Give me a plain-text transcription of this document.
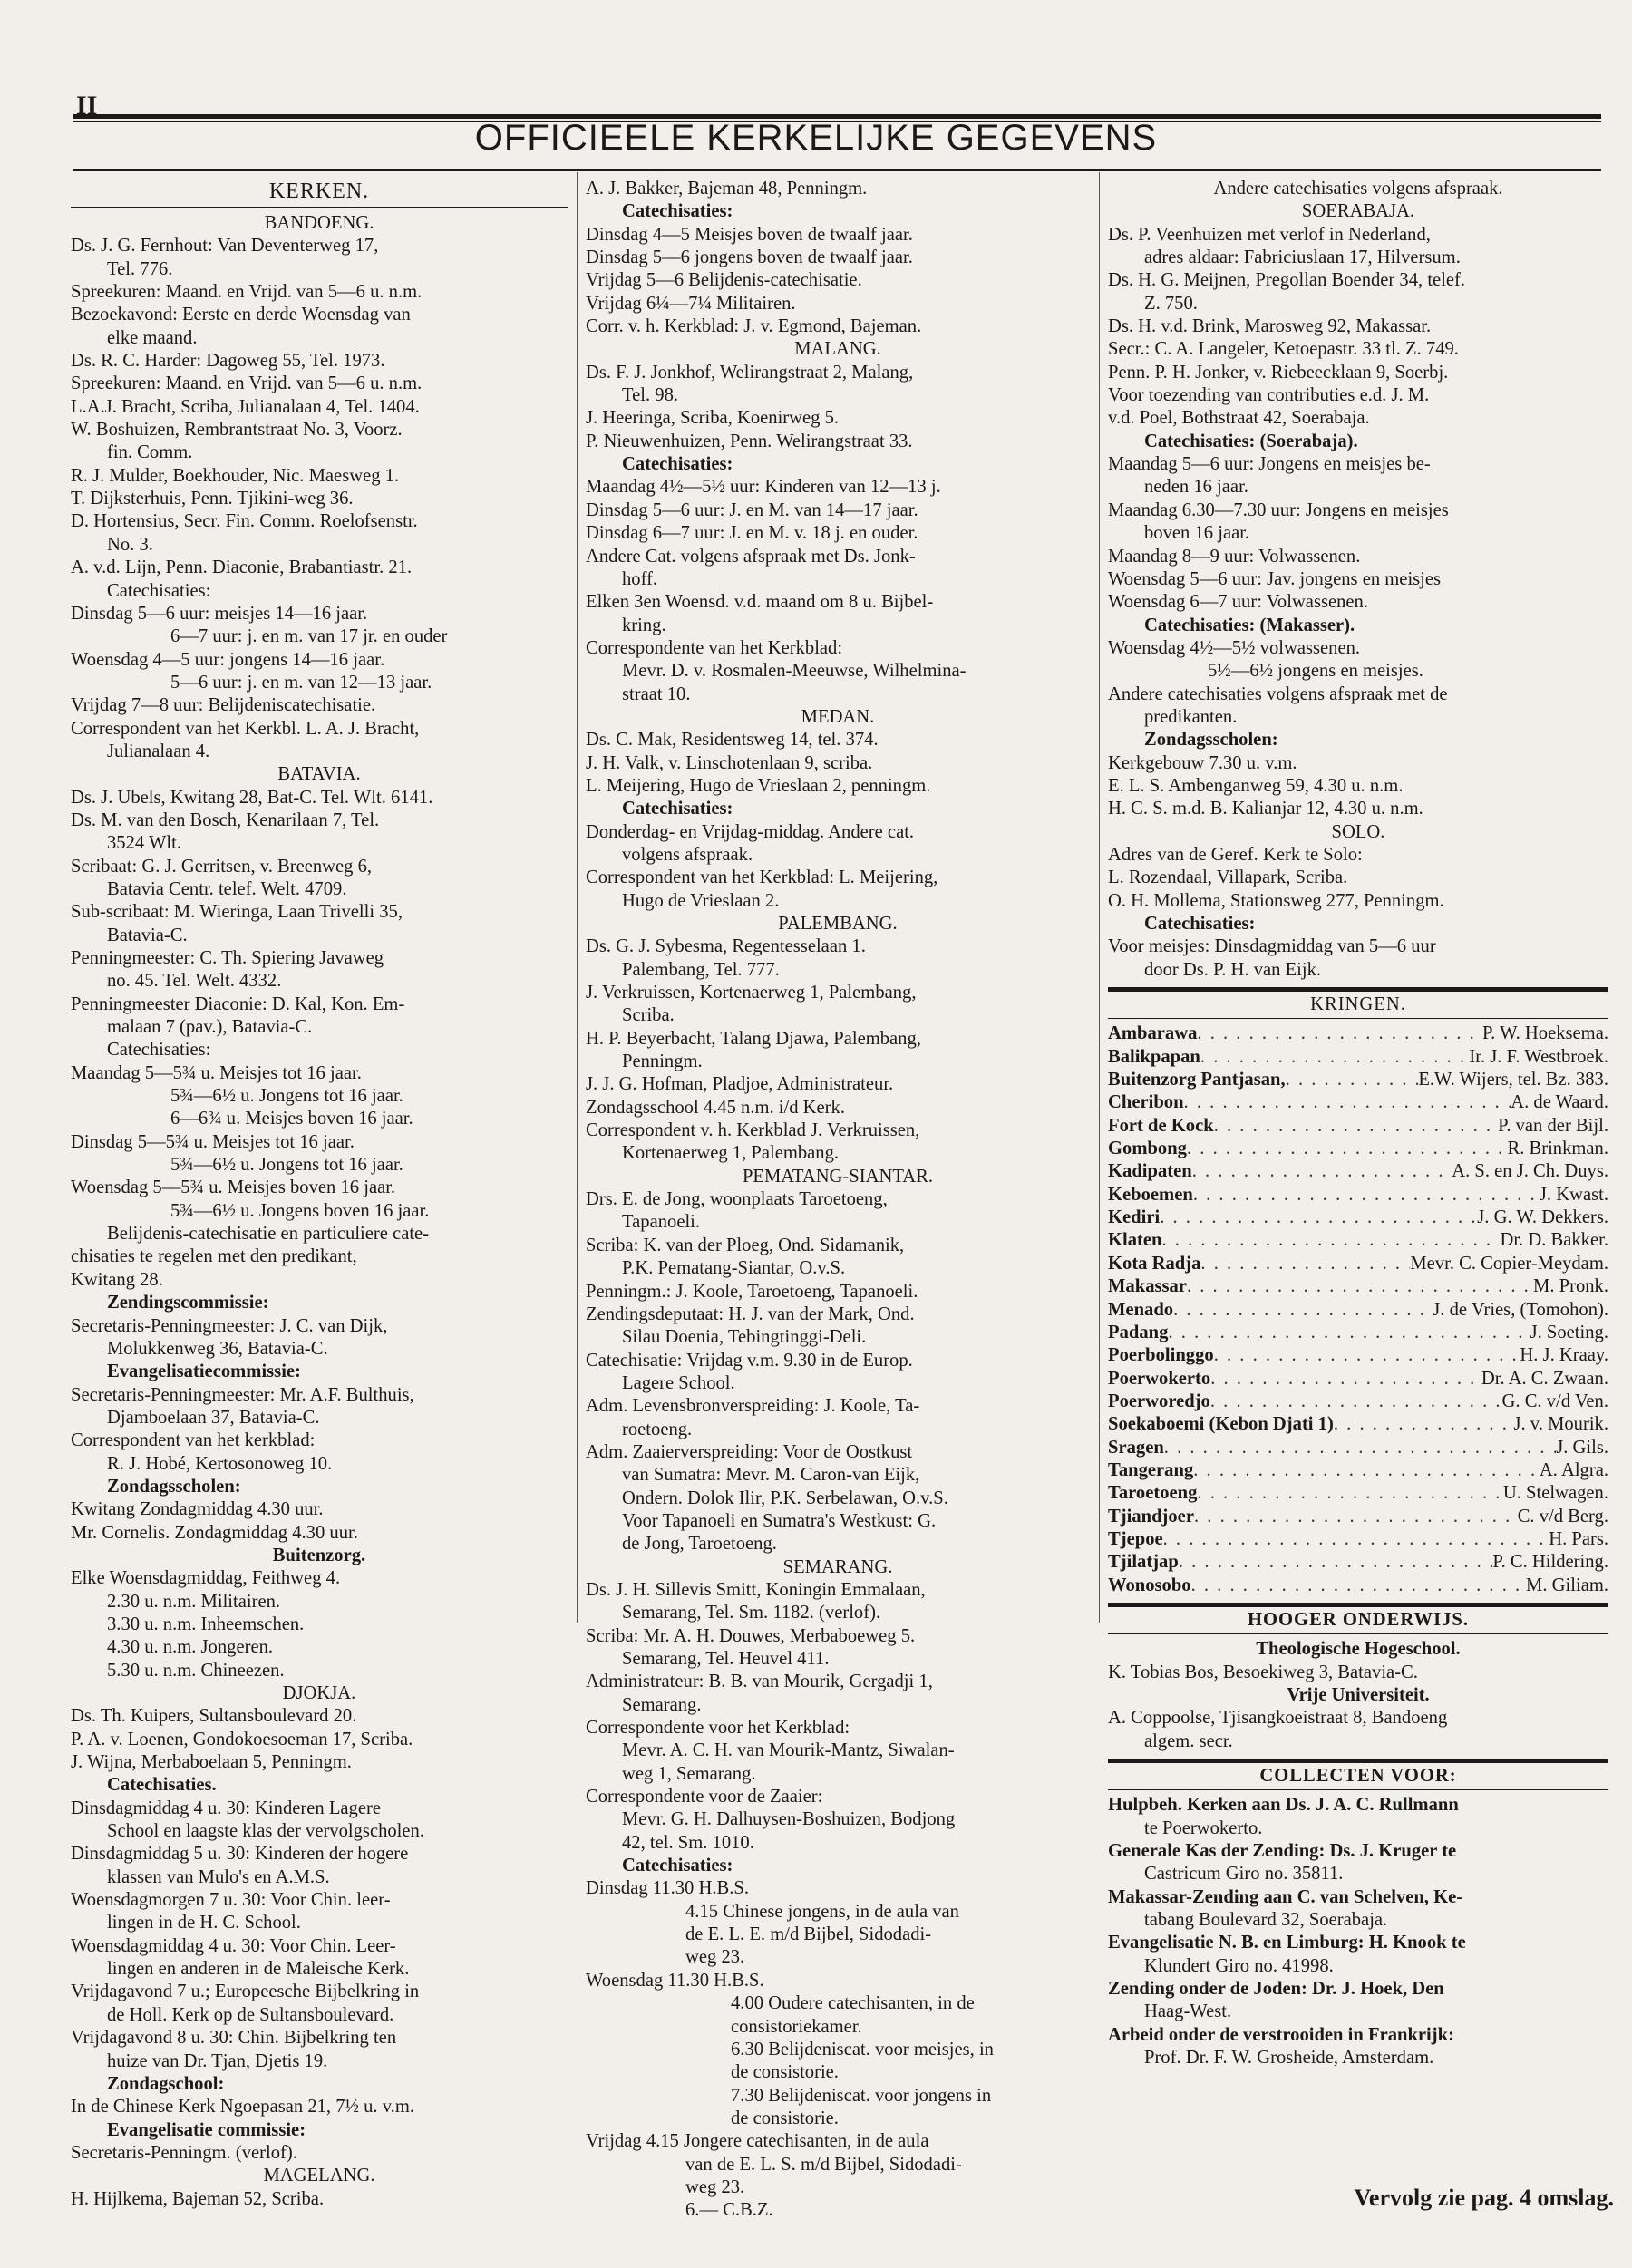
II
OFFICIEELE KERKELIJKE GEGEVENS
KERKEN.
BANDOENG.
Ds. J. G. Fernhout: Van Deventerweg 17,
Tel. 776.
Spreekuren: Maand. en Vrijd. van 5—6 u. n.m.
Bezoekavond: Eerste en derde Woensdag van
elke maand.
Ds. R. C. Harder: Dagoweg 55, Tel. 1973.
Spreekuren: Maand. en Vrijd. van 5—6 u. n.m.
L.A.J. Bracht, Scriba, Julianalaan 4, Tel. 1404.
W. Boshuizen, Rembrantstraat No. 3, Voorz.
fin. Comm.
R. J. Mulder, Boekhouder, Nic. Maesweg 1.
T. Dijksterhuis, Penn. Tjikini-weg 36.
D. Hortensius, Secr. Fin. Comm. Roelofsenstr.
No. 3.
A. v.d. Lijn, Penn. Diaconie, Brabantiastr. 21.
Catechisaties:
Dinsdag 5—6 uur: meisjes 14—16 jaar.
6—7 uur: j. en m. van 17 jr. en ouder
Woensdag 4—5 uur: jongens 14—16 jaar.
5—6 uur: j. en m. van 12—13 jaar.
Vrijdag 7—8 uur: Belijdeniscatechisatie.
Correspondent van het Kerkbl. L. A. J. Bracht,
Julianalaan 4.
BATAVIA.
Ds. J. Ubels, Kwitang 28, Bat-C. Tel. Wlt. 6141.
Ds. M. van den Bosch, Kenarilaan 7, Tel.
3524 Wlt.
Scribaat: G. J. Gerritsen, v. Breenweg 6,
Batavia Centr. telef. Welt. 4709.
Sub-scribaat: M. Wieringa, Laan Trivelli 35,
Batavia-C.
Penningmeester: C. Th. Spiering Javaweg
no. 45. Tel. Welt. 4332.
Penningmeester Diaconie: D. Kal, Kon. Em-
malaan 7 (pav.), Batavia-C.
Catechisaties:
Maandag 5—5¾ u. Meisjes tot 16 jaar.
5¾—6½ u. Jongens tot 16 jaar.
6—6¾ u. Meisjes boven 16 jaar.
Dinsdag 5—5¾ u. Meisjes tot 16 jaar.
5¾—6½ u. Jongens tot 16 jaar.
Woensdag 5—5¾ u. Meisjes boven 16 jaar.
5¾—6½ u. Jongens boven 16 jaar.
Belijdenis-catechisatie en particuliere cate-
chisaties te regelen met den predikant,
Kwitang 28.
Zendingscommissie:
Secretaris-Penningmeester: J. C. van Dijk,
Molukkenweg 36, Batavia-C.
Evangelisatiecommissie:
Secretaris-Penningmeester: Mr. A.F. Bulthuis,
Djamboelaan 37, Batavia-C.
Correspondent van het kerkblad:
R. J. Hobé, Kertosonoweg 10.
Zondagsscholen:
Kwitang Zondagmiddag 4.30 uur.
Mr. Cornelis. Zondagmiddag 4.30 uur.
Buitenzorg.
Elke Woensdagmiddag, Feithweg 4.
2.30 u. n.m. Militairen.
3.30 u. n.m. Inheemschen.
4.30 u. n.m. Jongeren.
5.30 u. n.m. Chineezen.
DJOKJA.
Ds. Th. Kuipers, Sultansboulevard 20.
P. A. v. Loenen, Gondokoesoeman 17, Scriba.
J. Wijna, Merbaboelaan 5, Penningm.
Catechisaties.
Dinsdagmiddag 4 u. 30: Kinderen Lagere
School en laagste klas der vervolgscholen.
Dinsdagmiddag 5 u. 30: Kinderen der hogere
klassen van Mulo's en A.M.S.
Woensdagmorgen 7 u. 30: Voor Chin. leer-
lingen in de H. C. School.
Woensdagmiddag 4 u. 30: Voor Chin. Leer-
lingen en anderen in de Maleische Kerk.
Vrijdagavond 7 u.; Europeesche Bijbelkring in
de Holl. Kerk op de Sultansboulevard.
Vrijdagavond 8 u. 30: Chin. Bijbelkring ten
huize van Dr. Tjan, Djetis 19.
Zondagschool:
In de Chinese Kerk Ngoepasan 21, 7½ u. v.m.
Evangelisatie commissie:
Secretaris-Penningm. (verlof).
MAGELANG.
H. Hijlkema, Bajeman 52, Scriba.
A. J. Bakker, Bajeman 48, Penningm.
Catechisaties:
Dinsdag 4—5 Meisjes boven de twaalf jaar.
Dinsdag 5—6 jongens boven de twaalf jaar.
Vrijdag 5—6 Belijdenis-catechisatie.
Vrijdag 6¼—7¼ Militairen.
Corr. v. h. Kerkblad: J. v. Egmond, Bajeman.
MALANG.
Ds. F. J. Jonkhof, Welirangstraat 2, Malang,
Tel. 98.
J. Heeringa, Scriba, Koenirweg 5.
P. Nieuwenhuizen, Penn. Welirangstraat 33.
Catechisaties:
Maandag 4½—5½ uur: Kinderen van 12—13 j.
Dinsdag 5—6 uur: J. en M. van 14—17 jaar.
Dinsdag 6—7 uur: J. en M. v. 18 j. en ouder.
Andere Cat. volgens afspraak met Ds. Jonk-
hoff.
Elken 3en Woensd. v.d. maand om 8 u. Bijbel-
kring.
Correspondente van het Kerkblad:
Mevr. D. v. Rosmalen-Meeuwse, Wilhelmina-
straat 10.
MEDAN.
Ds. C. Mak, Residentsweg 14, tel. 374.
J. H. Valk, v. Linschotenlaan 9, scriba.
L. Meijering, Hugo de Vrieslaan 2, penningm.
Catechisaties:
Donderdag- en Vrijdag-middag. Andere cat.
volgens afspraak.
Correspondent van het Kerkblad: L. Meijering,
Hugo de Vrieslaan 2.
PALEMBANG.
Ds. G. J. Sybesma, Regentesselaan 1.
Palembang, Tel. 777.
J. Verkruissen, Kortenaerweg 1, Palembang,
Scriba.
H. P. Beyerbacht, Talang Djawa, Palembang,
Penningm.
J. J. G. Hofman, Pladjoe, Administrateur.
Zondagsschool 4.45 n.m. i/d Kerk.
Correspondent v. h. Kerkblad J. Verkruissen,
Kortenaerweg 1, Palembang.
PEMATANG-SIANTAR.
Drs. E. de Jong, woonplaats Taroetoeng,
Tapanoeli.
Scriba: K. van der Ploeg, Ond. Sidamanik,
P.K. Pematang-Siantar, O.v.S.
Penningm.: J. Koole, Taroetoeng, Tapanoeli.
Zendingsdeputaat: H. J. van der Mark, Ond.
Silau Doenia, Tebingtinggi-Deli.
Catechisatie: Vrijdag v.m. 9.30 in de Europ.
Lagere School.
Adm. Levensbronverspreiding: J. Koole, Ta-
roetoeng.
Adm. Zaaierverspreiding: Voor de Oostkust
van Sumatra: Mevr. M. Caron-van Eijk,
Ondern. Dolok Ilir, P.K. Serbelawan, O.v.S.
Voor Tapanoeli en Sumatra's Westkust: G.
de Jong, Taroetoeng.
SEMARANG.
Ds. J. H. Sillevis Smitt, Koningin Emmalaan,
Semarang, Tel. Sm. 1182. (verlof).
Scriba: Mr. A. H. Douwes, Merbaboeweg 5.
Semarang, Tel. Heuvel 411.
Administrateur: B. B. van Mourik, Gergadji 1,
Semarang.
Correspondente voor het Kerkblad:
Mevr. A. C. H. van Mourik-Mantz, Siwalan-
weg 1, Semarang.
Correspondente voor de Zaaier:
Mevr. G. H. Dalhuysen-Boshuizen, Bodjong
42, tel. Sm. 1010.
Catechisaties:
Dinsdag 11.30 H.B.S.
4.15 Chinese jongens, in de aula van
de E. L. E. m/d Bijbel, Sidodadi-
weg 23.
Woensdag 11.30 H.B.S.
4.00 Oudere catechisanten, in de
consistoriekamer.
6.30 Belijdeniscat. voor meisjes, in
de consistorie.
7.30 Belijdeniscat. voor jongens in
de consistorie.
Vrijdag 4.15 Jongere catechisanten, in de aula
van de E. L. S. m/d Bijbel, Sidodadi-
weg 23.
6.— C.B.Z.
Andere catechisaties volgens afspraak.
SOERABAJA.
Ds. P. Veenhuizen met verlof in Nederland,
adres aldaar: Fabriciuslaan 17, Hilversum.
Ds. H. G. Meijnen, Pregollan Boender 34, telef.
Z. 750.
Ds. H. v.d. Brink, Marosweg 92, Makassar.
Secr.: C. A. Langeler, Ketoepastr. 33 tl. Z. 749.
Penn. P. H. Jonker, v. Riebeecklaan 9, Soerbj.
Voor toezending van contributies e.d. J. M.
v.d. Poel, Bothstraat 42, Soerabaja.
Catechisaties: (Soerabaja).
Maandag 5—6 uur: Jongens en meisjes be-
neden 16 jaar.
Maandag 6.30—7.30 uur: Jongens en meisjes
boven 16 jaar.
Maandag 8—9 uur: Volwassenen.
Woensdag 5—6 uur: Jav. jongens en meisjes
Woensdag 6—7 uur: Volwassenen.
Catechisaties: (Makasser).
Woensdag 4½—5½ volwassenen.
5½—6½ jongens en meisjes.
Andere catechisaties volgens afspraak met de
predikanten.
Zondagsscholen:
Kerkgebouw 7.30 u. v.m.
E. L. S. Ambenganweg 59, 4.30 u. n.m.
H. C. S. m.d. B. Kalianjar 12, 4.30 u. n.m.
SOLO.
Adres van de Geref. Kerk te Solo:
L. Rozendaal, Villapark, Scriba.
O. H. Mollema, Stationsweg 277, Penningm.
Catechisaties:
Voor meisjes: Dinsdagmiddag van 5—6 uur
door Ds. P. H. van Eijk.
KRINGEN.
Ambarawa . . .	P. W. Hoeksema.
Balikpapan . . .	Ir. J. F. Westbroek.
Buitenzorg Pantjasan, . . .	E.W. Wijers, tel. Bz. 383.
Cheribon . . .	A. de Waard.
Fort de Kock . . .	P. van der Bijl.
Gombong . . .	R. Brinkman.
Kadipaten . . .	A. S. en J. Ch. Duys.
Keboemen . . .	J. Kwast.
Kediri . . .	J. G. W. Dekkers.
Klaten . . .	Dr. D. Bakker.
Kota Radja . . .	Mevr. C. Copier-Meydam.
Makassar . . .	M. Pronk.
Menado . . .	J. de Vries, (Tomohon).
Padang . . .	J. Soeting.
Poerbolinggo . . .	H. J. Kraay.
Poerwokerto . . .	Dr. A. C. Zwaan.
Poerworedjo . . .	G. C. v/d Ven.
Soekaboemi (Kebon Djati 1) . . .	J. v. Mourik.
Sragen . . .	J. Gils.
Tangerang . . .	A. Algra.
Taroetoeng . . .	U. Stelwagen.
Tjiandjoer . . .	C. v/d Berg.
Tjepoe . . .	H. Pars.
Tjilatjap . . .	P. C. Hildering.
Wonosobo . . .	M. Giliam.
HOOGER ONDERWIJS.
Theologische Hogeschool.
K. Tobias Bos, Besoekiweg 3, Batavia-C.
Vrije Universiteit.
A. Coppoolse, Tjisangkoeistraat 8, Bandoeng
algem. secr.
COLLECTEN VOOR:
Hulpbeh. Kerken aan Ds. J. A. C. Rullmann
te Poerwokerto.
Generale Kas der Zending: Ds. J. Kruger te
Castricum Giro no. 35811.
Makassar-Zending aan C. van Schelven, Ke-
tabang Boulevard 32, Soerabaja.
Evangelisatie N. B. en Limburg: H. Knook te
Klundert Giro no. 41998.
Zending onder de Joden: Dr. J. Hoek, Den
Haag-West.
Arbeid onder de verstrooiden in Frankrijk:
Prof. Dr. F. W. Grosheide, Amsterdam.
Vervolg zie pag. 4 omslag.
